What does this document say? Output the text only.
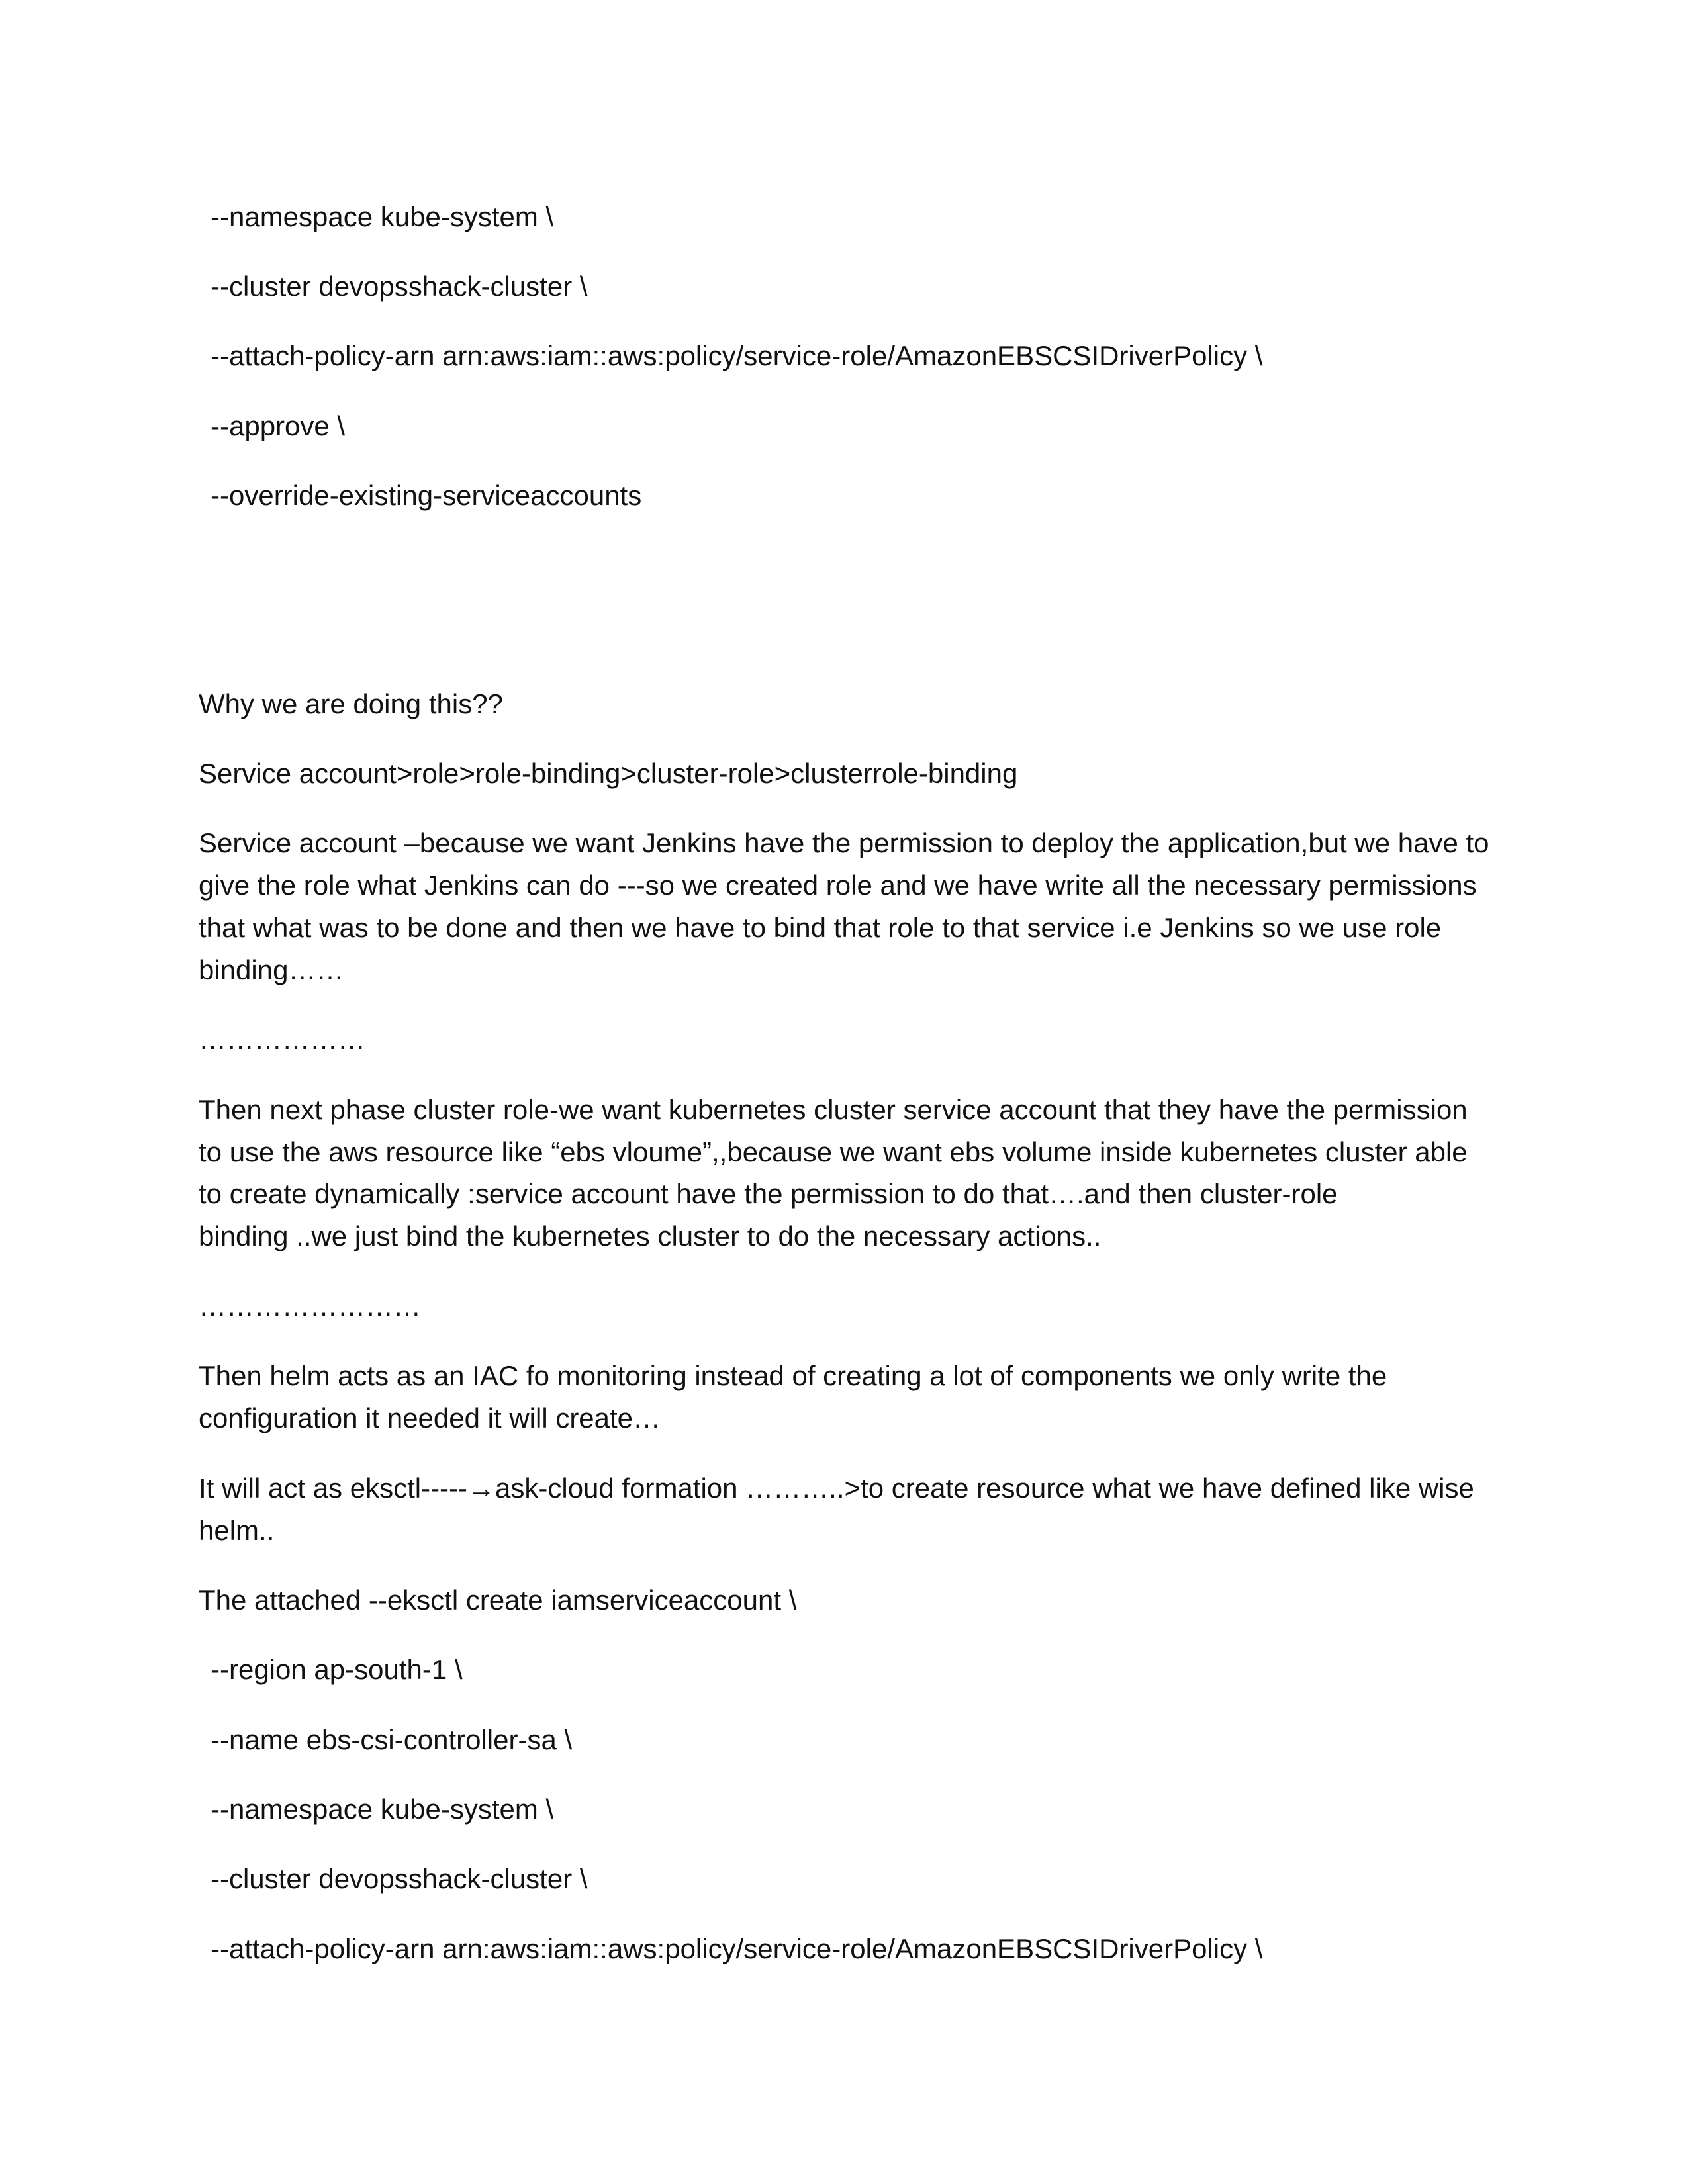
--namespace kube-system \

--cluster devopsshack-cluster \

--attach-policy-arn arn:aws:iam::aws:policy/service-role/AmazonEBSCSIDriverPolicy \

--approve \

--override-existing-serviceaccounts

Why we are doing this??

Service account>role>role-binding>cluster-role>clusterrole-binding

Service account –because we want Jenkins have the permission to deploy the application,but we have to

give the role what Jenkins can do ---so we created role and we have write all the necessary permissions

that what was to be done and then we have to bind that role to that service i.e Jenkins so we use role

binding……

………………

Then next phase cluster role-we want kubernetes cluster service account that they have the permission

to use the aws resource like “ebs vloume”,,because we want ebs volume inside kubernetes cluster able

to create dynamically :service account have the permission to do that….and then cluster-role

binding ..we just bind the kubernetes cluster to do the necessary actions..

……………………

Then helm acts as an IAC fo monitoring instead of creating a lot of components we only write the

configuration it needed it will create…

It will act as eksctl-----→ask-cloud formation ………..>to create resource what we have defined like wise

helm..

The attached --eksctl create iamserviceaccount \

--region ap-south-1 \

--name ebs-csi-controller-sa \

--namespace kube-system \

--cluster devopsshack-cluster \

--attach-policy-arn arn:aws:iam::aws:policy/service-role/AmazonEBSCSIDriverPolicy \
